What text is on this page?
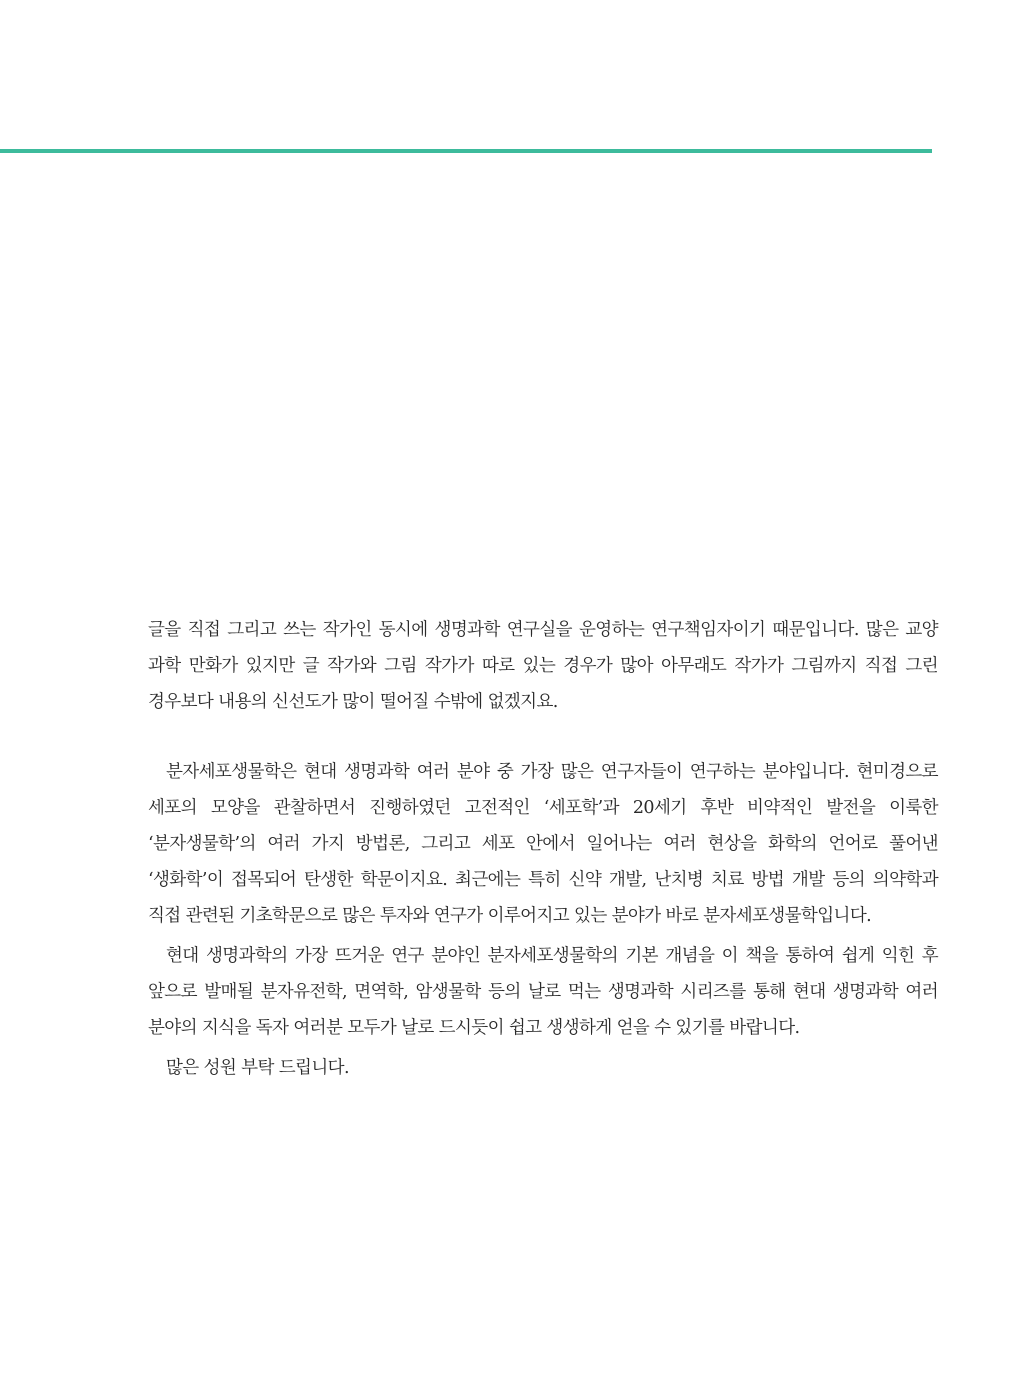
글을 직접 그리고 쓰는 작가인 동시에 생명과학 연구실을 운영하는 연구책임자이기 때문입니다. 많은 교양 과학 만화가 있지만 글 작가와 그림 작가가 따로 있는 경우가 많아 아무래도 작가가 그림까지 직접 그린 경우보다 내용의 신선도가 많이 떨어질 수밖에 없겠지요.

분자세포생물학은 현대 생명과학 여러 분야 중 가장 많은 연구자들이 연구하는 분야입니다. 현미경으로 세포의 모양을 관찰하면서 진행하였던 고전적인 ‘세포학’과 20세기 후반 비약적인 발전을 이룩한 ‘분자생물학’의 여러 가지 방법론, 그리고 세포 안에서 일어나는 여러 현상을 화학의 언어로 풀어낸 ‘생화학’이 접목되어 탄생한 학문이지요. 최근에는 특히 신약 개발, 난치병 치료 방법 개발 등의 의약학과 직접 관련된 기초학문으로 많은 투자와 연구가 이루어지고 있는 분야가 바로 분자세포생물학입니다.

현대 생명과학의 가장 뜨거운 연구 분야인 분자세포생물학의 기본 개념을 이 책을 통하여 쉽게 익힌 후 앞으로 발매될 분자유전학, 면역학, 암생물학 등의 날로 먹는 생명과학 시리즈를 통해 현대 생명과학 여러 분야의 지식을 독자 여러분 모두가 날로 드시듯이 쉽고 생생하게 얻을 수 있기를 바랍니다.

많은 성원 부탁 드립니다.
